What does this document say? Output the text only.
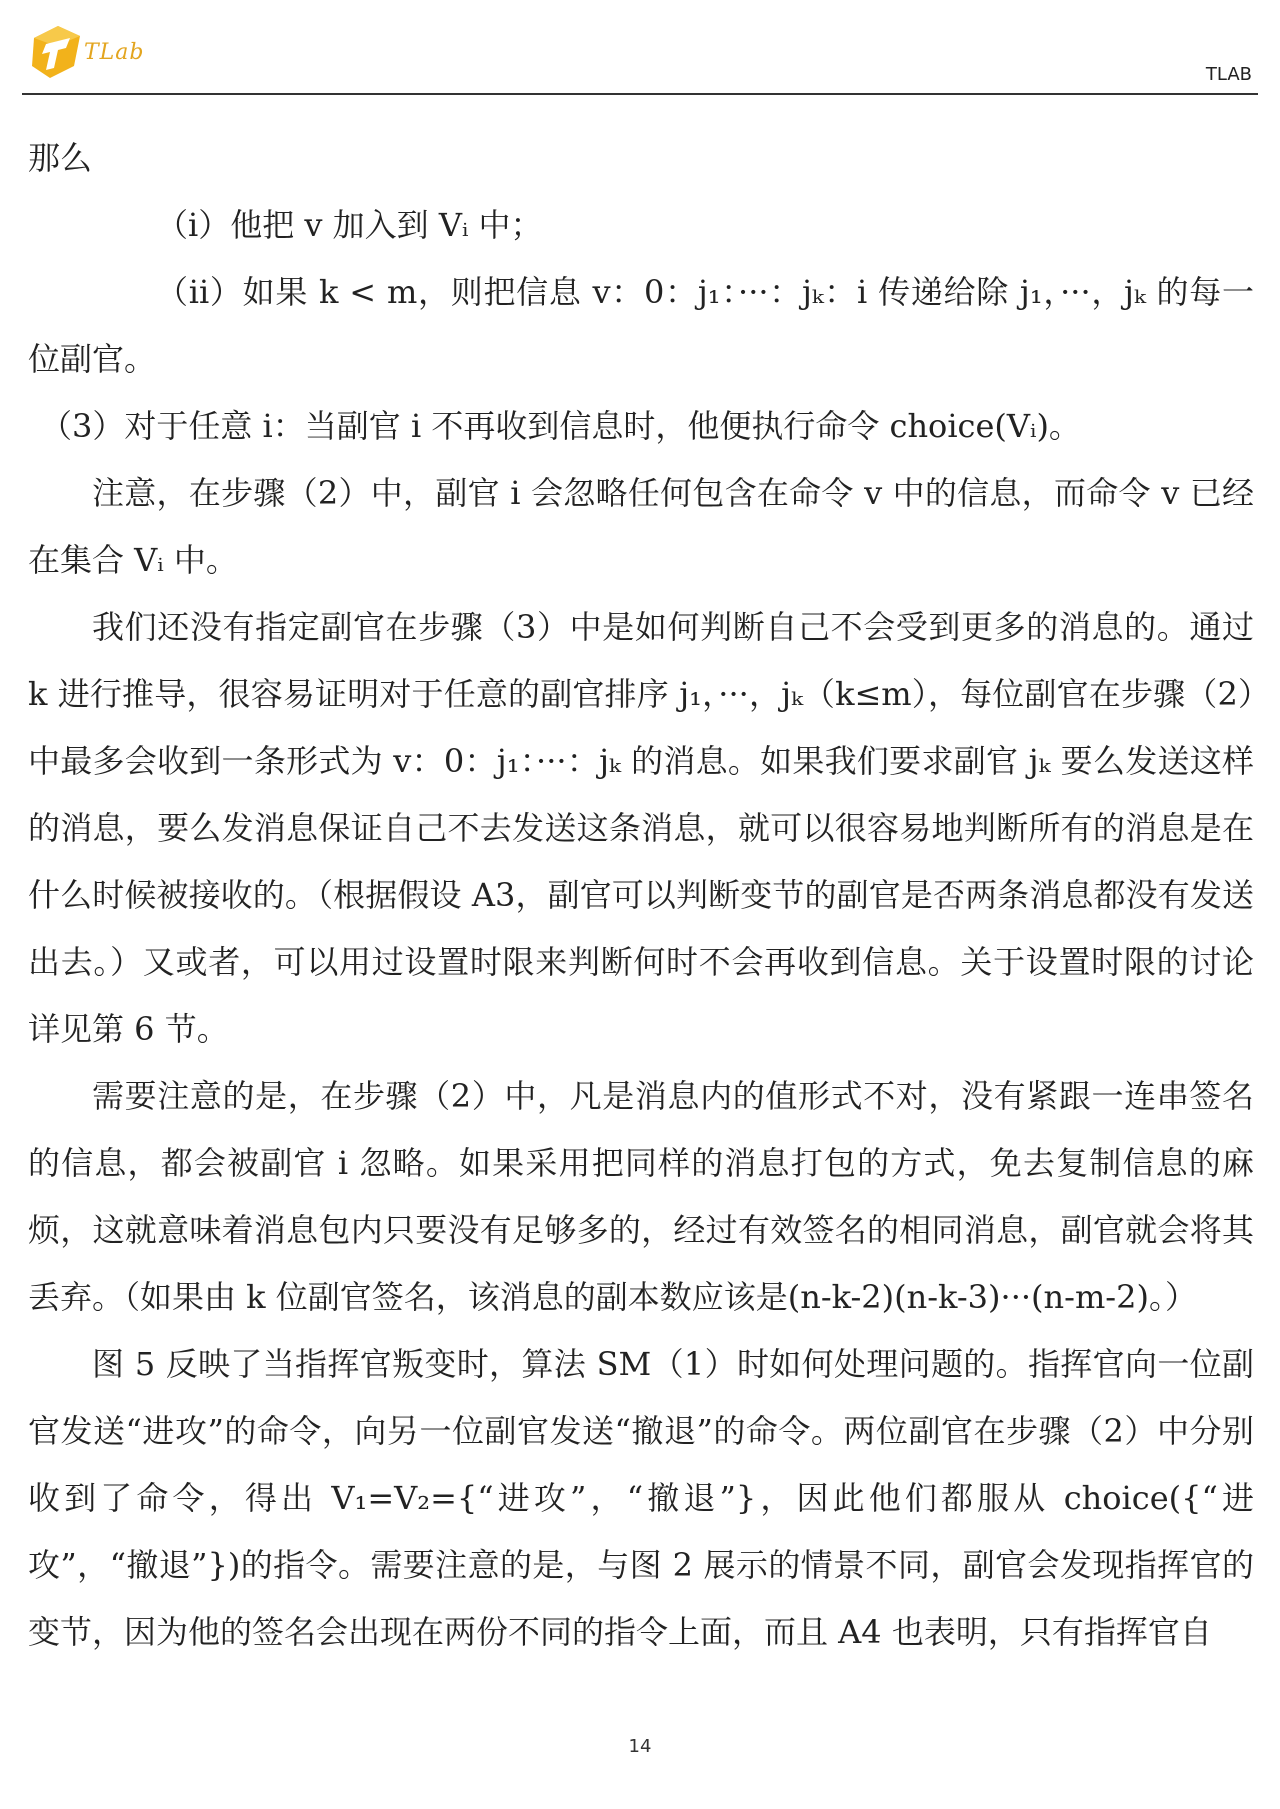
TLab
TLAB

那么

（i）他把 v 加入到 Vᵢ 中；

（ii）如果 k < m，则把信息 v：0：j₁：···：jₖ：i 传递给除 j₁，···，jₖ 的每一位副官。

（3）对于任意 i：当副官 i 不再收到信息时，他便执行命令 choice(Vᵢ)。

注意，在步骤（2）中，副官 i 会忽略任何包含在命令 v 中的信息，而命令 v 已经在集合 Vᵢ 中。

我们还没有指定副官在步骤（3）中是如何判断自己不会受到更多的消息的。通过 k 进行推导，很容易证明对于任意的副官排序 j₁，···，jₖ（k≤m），每位副官在步骤（2）中最多会收到一条形式为 v：0：j₁：···：jₖ 的消息。如果我们要求副官 jₖ 要么发送这样的消息，要么发消息保证自己不去发送这条消息，就可以很容易地判断所有的消息是在什么时候被接收的。（根据假设 A3，副官可以判断变节的副官是否两条消息都没有发送出去。）又或者，可以用过设置时限来判断何时不会再收到信息。关于设置时限的讨论详见第 6 节。

需要注意的是，在步骤（2）中，凡是消息内的值形式不对，没有紧跟一连串签名的信息，都会被副官 i 忽略。如果采用把同样的消息打包的方式，免去复制信息的麻烦，这就意味着消息包内只要没有足够多的，经过有效签名的相同消息，副官就会将其丢弃。（如果由 k 位副官签名，该消息的副本数应该是(n-k-2)(n-k-3)···(n-m-2)。）

图 5 反映了当指挥官叛变时，算法 SM（1）时如何处理问题的。指挥官向一位副官发送“进攻”的命令，向另一位副官发送“撤退”的命令。两位副官在步骤（2）中分别收到了命令，得出 V₁=V₂={“进攻”，“撤退”}，因此他们都服从 choice({“进攻”，“撤退”})的指令。需要注意的是，与图 2 展示的情景不同，副官会发现指挥官的变节，因为他的签名会出现在两份不同的指令上面，而且 A4 也表明，只有指挥官自

14
